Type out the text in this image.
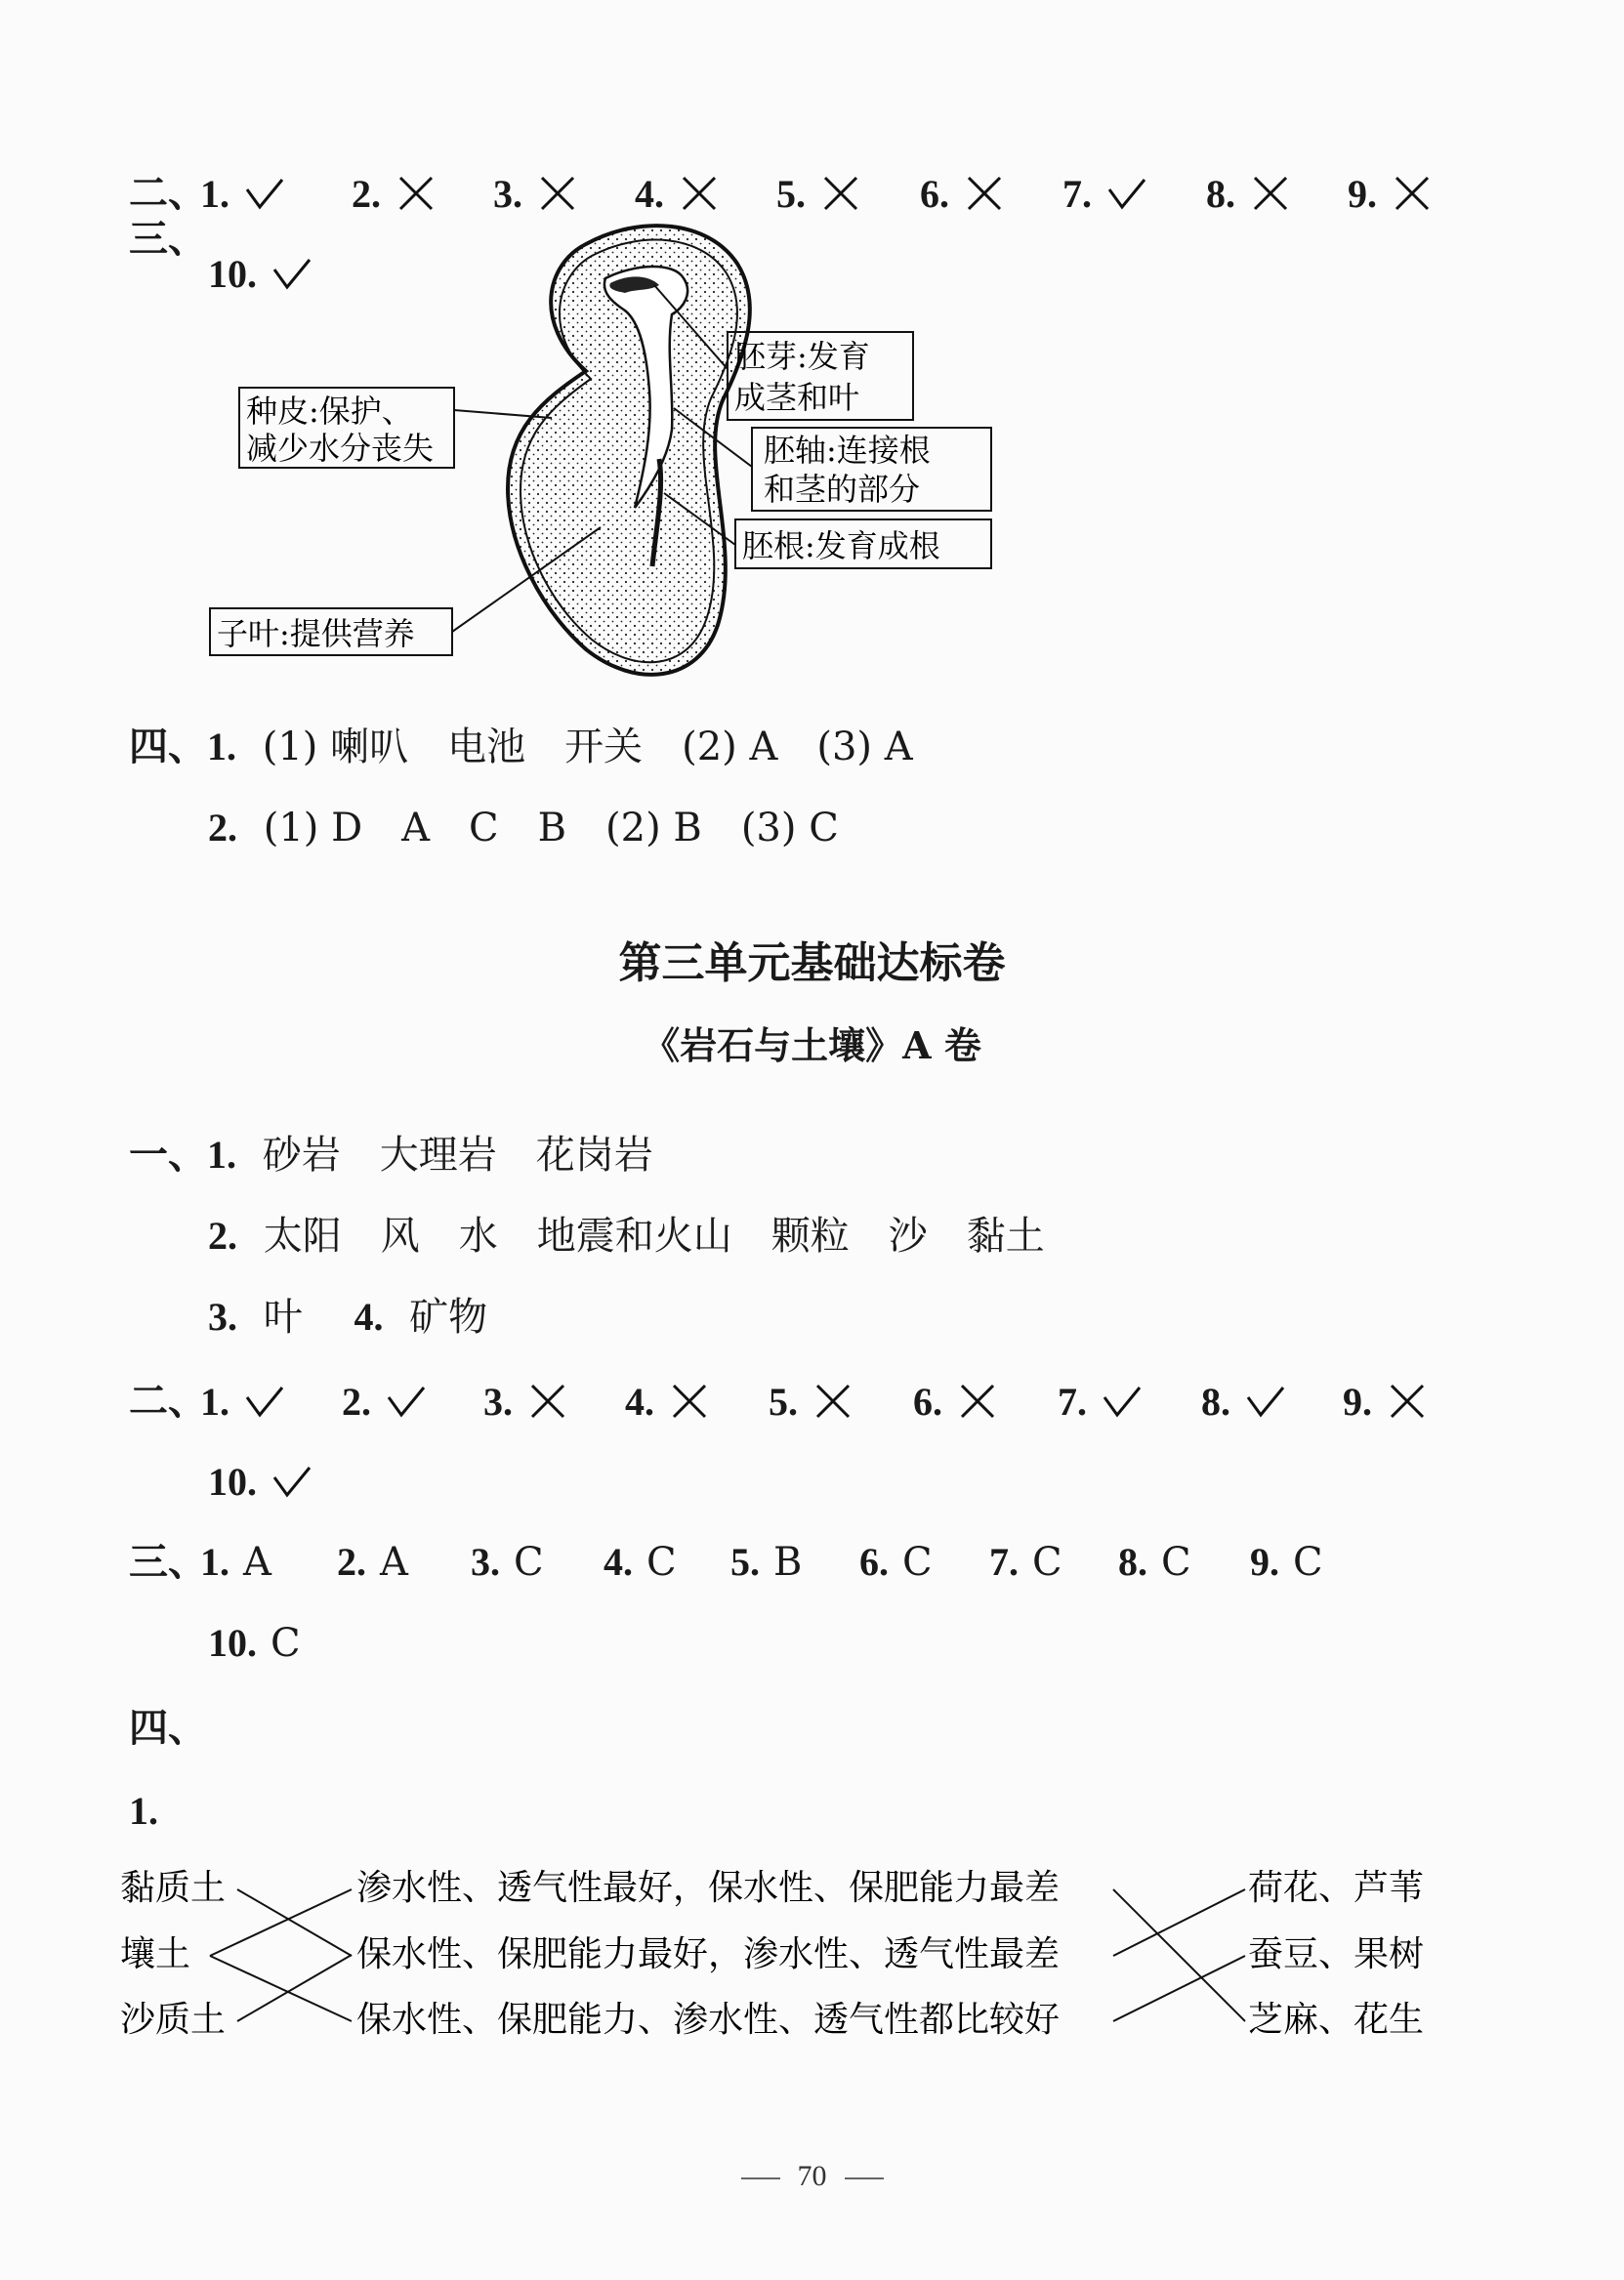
二、
1.	2.	3.	4.	5.	6.	7.	8.	9.
10.
三、
种皮:保护、
减少水分丧失
胚芽:发育
成茎和叶
胚轴:连接根
和茎的部分
胚根:发育成根
子叶:提供营养
四、1. (1) 喇叭　电池　开关　(2) A　(3) A
2. (1) D　A　C　B　(2) B　(3) C
第三单元基础达标卷
《岩石与土壤》A 卷
一、1. 砂岩　大理岩　花岗岩
2. 太阳　风　水　地震和火山　颗粒　沙　黏土
3. 叶 4. 矿物
二、
1.	2.	3.	4.	5.	6.	7.	8.	9.
10.
三、
1. A 2. A 3. C 4. C 5. B 6. C 7. C 8. C 9. C
10. C
四、
1.
黏质土
壤土
沙质土
渗水性、透气性最好，保水性、保肥能力最差
保水性、保肥能力最好，渗水性、透气性最差
保水性、保肥能力、渗水性、透气性都比较好
荷花、芦苇
蚕豆、果树
芝麻、花生
70
